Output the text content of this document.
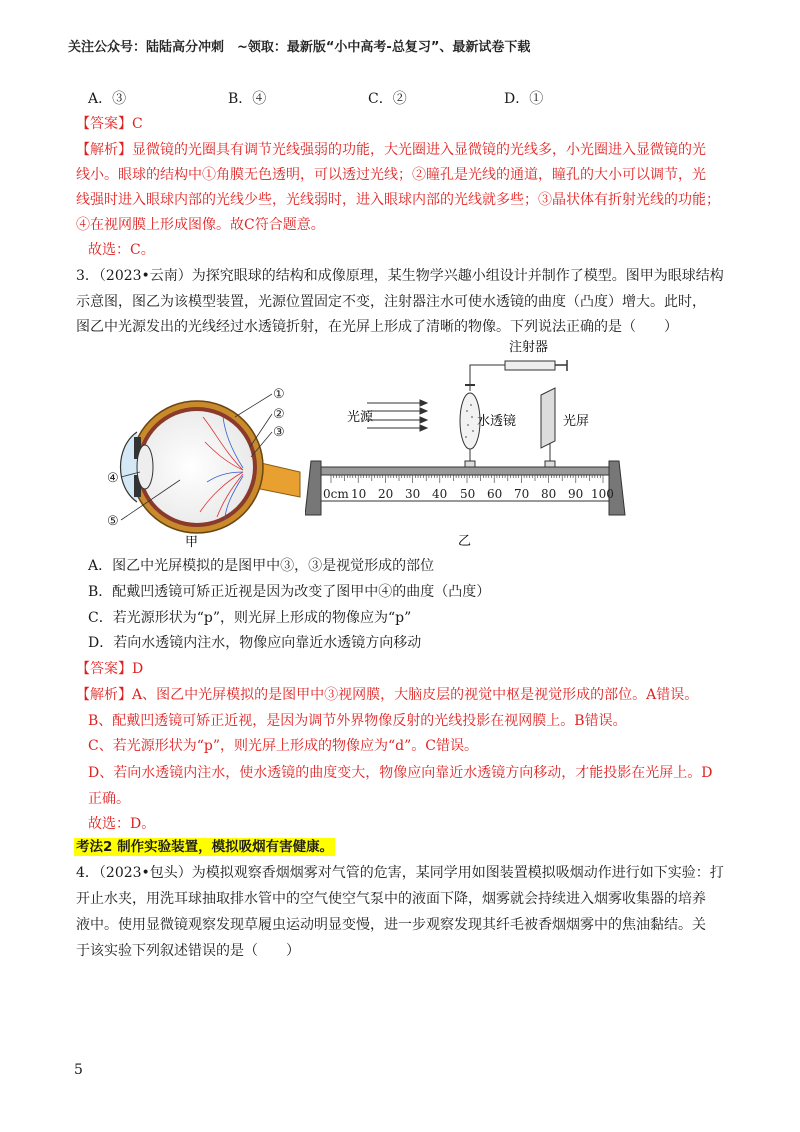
关注公众号：陆陆高分冲刺　~领取：最新版“小中高考-总复习”、最新试卷下载
A．③	B．④	C．②	D．①
【答案】C
【解析】显微镜的光圈具有调节光线强弱的功能，大光圈进入显微镜的光线多，小光圈进入显微镜的光
线小。眼球的结构中①角膜无色透明，可以透过光线；②瞳孔是光线的通道，瞳孔的大小可以调节，光
线强时进入眼球内部的光线少些，光线弱时，进入眼球内部的光线就多些；③晶状体有折射光线的功能；
④在视网膜上形成图像。故C符合题意。
故选：C。
3．（2023•云南）为探究眼球的结构和成像原理，某生物学兴趣小组设计并制作了模型。图甲为眼球结构
示意图，图乙为该模型装置，光源位置固定不变，注射器注水可使水透镜的曲度（凸度）增大。此时，
图乙中光源发出的光线经过水透镜折射，在光屏上形成了清晰的物像。下列说法正确的是（　　）
①
②
③
④
⑤
甲
注射器
光源	水透镜	光屏
0cm 10 20 30 40 50 60 70 80 90 100
乙
A．图乙中光屏模拟的是图甲中③，③是视觉形成的部位
B．配戴凹透镜可矫正近视是因为改变了图甲中④的曲度（凸度）
C．若光源形状为“p”，则光屏上形成的物像应为“p”
D．若向水透镜内注水，物像应向靠近水透镜方向移动
【答案】D
【解析】A、图乙中光屏模拟的是图甲中③视网膜，大脑皮层的视觉中枢是视觉形成的部位。A错误。
B、配戴凹透镜可矫正近视，是因为调节外界物像反射的光线投影在视网膜上。B错误。
C、若光源形状为“p”，则光屏上形成的物像应为“d”。C错误。
D、若向水透镜内注水，使水透镜的曲度变大，物像应向靠近水透镜方向移动，才能投影在光屏上。D
正确。
故选：D。
考法2 制作实验装置，模拟吸烟有害健康。
4．（2023•包头）为模拟观察香烟烟雾对气管的危害，某同学用如图装置模拟吸烟动作进行如下实验：打
开止水夹，用洗耳球抽取排水管中的空气使空气泵中的液面下降，烟雾就会持续进入烟雾收集器的培养
液中。使用显微镜观察发现草履虫运动明显变慢，进一步观察发现其纤毛被香烟烟雾中的焦油黏结。关
于该实验下列叙述错误的是（　　）
5
